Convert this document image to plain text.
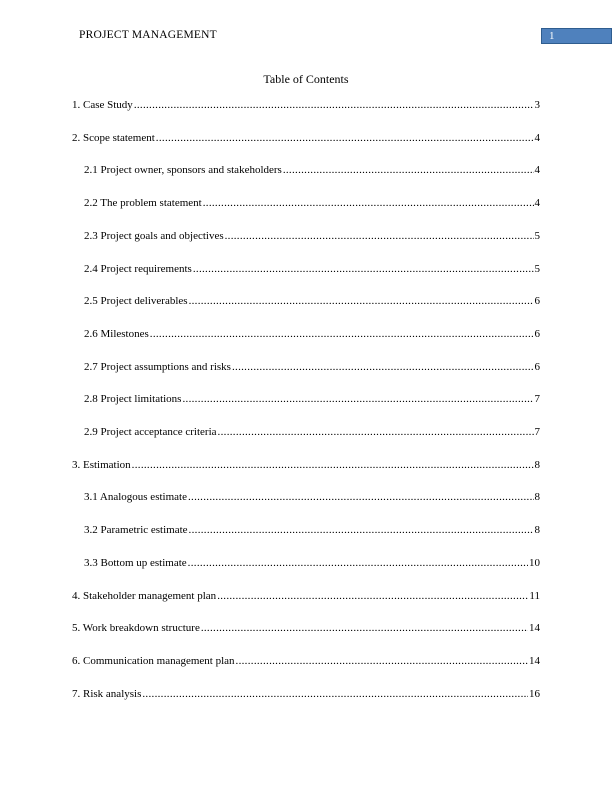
PROJECT MANAGEMENT	1
Table of Contents
1. Case Study .....	3
2. Scope statement .....	4
2.1 Project owner, sponsors and stakeholders .....	4
2.2 The problem statement .....	4
2.3 Project goals and objectives .....	5
2.4 Project requirements .....	5
2.5 Project deliverables .....	6
2.6 Milestones .....	6
2.7 Project assumptions and risks .....	6
2.8 Project limitations .....	7
2.9 Project acceptance criteria .....	7
3. Estimation .....	8
3.1 Analogous estimate .....	8
3.2 Parametric estimate .....	8
3.3 Bottom up estimate .....	10
4. Stakeholder management plan .....	11
5. Work breakdown structure .....	14
6. Communication management plan .....	14
7. Risk analysis .....	16
